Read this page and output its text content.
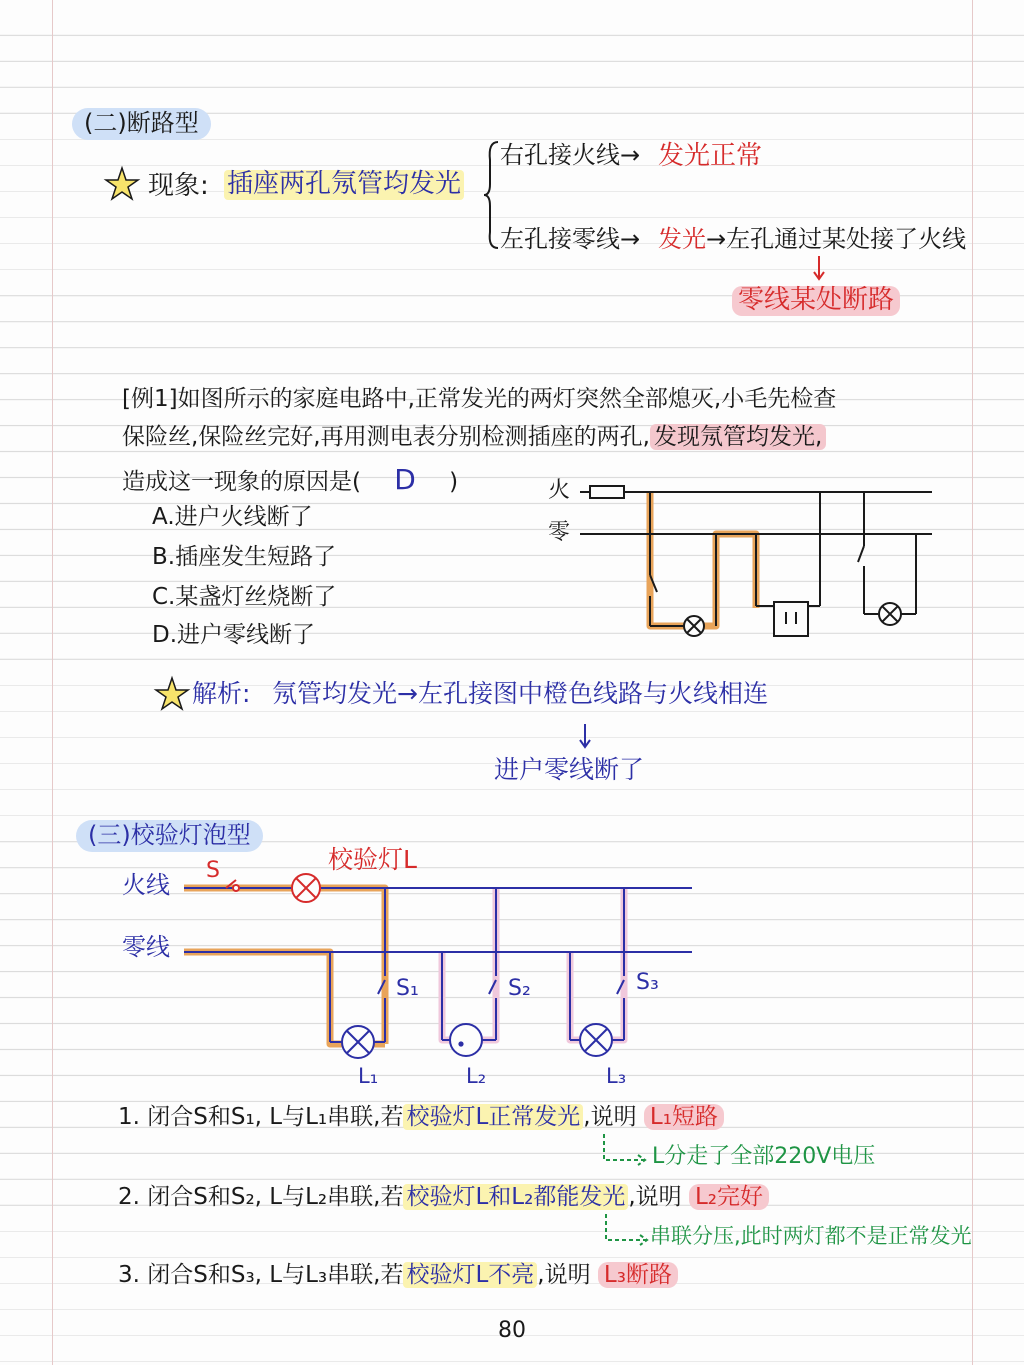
(二)断路型
现象: 插座两孔氖管均发光
右孔接火线→ 发光正常
左孔接零线→ 发光 →左孔通过某处接了火线
零线某处断路
[例1]如图所示的家庭电路中,正常发光的两灯突然全部熄灭,小毛先检查
保险丝,保险丝完好,再用测电表分别检测插座的两孔, 发现氖管均发光,
造成这一现象的原因是( D )
A.进户火线断了
B.插座发生短路了
C.某盏灯丝烧断了
D.进户零线断了
火
零
解析: 氖管均发光→左孔接图中橙色线路与火线相连
进户零线断了
(三)校验灯泡型
火线
零线
S	校验灯L
S₁	S₂	S₃
L₁	L₂	L₃
1. 闭合S和S₁, L与L₁串联,若 校验灯L正常发光 ,说明 L₁短路
L分走了全部220V电压
2. 闭合S和S₂, L与L₂串联,若 校验灯L和L₂都能发光 ,说明 L₂完好
串联分压,此时两灯都不是正常发光
3. 闭合S和S₃, L与L₃串联,若 校验灯L不亮 ,说明 L₃断路
80
